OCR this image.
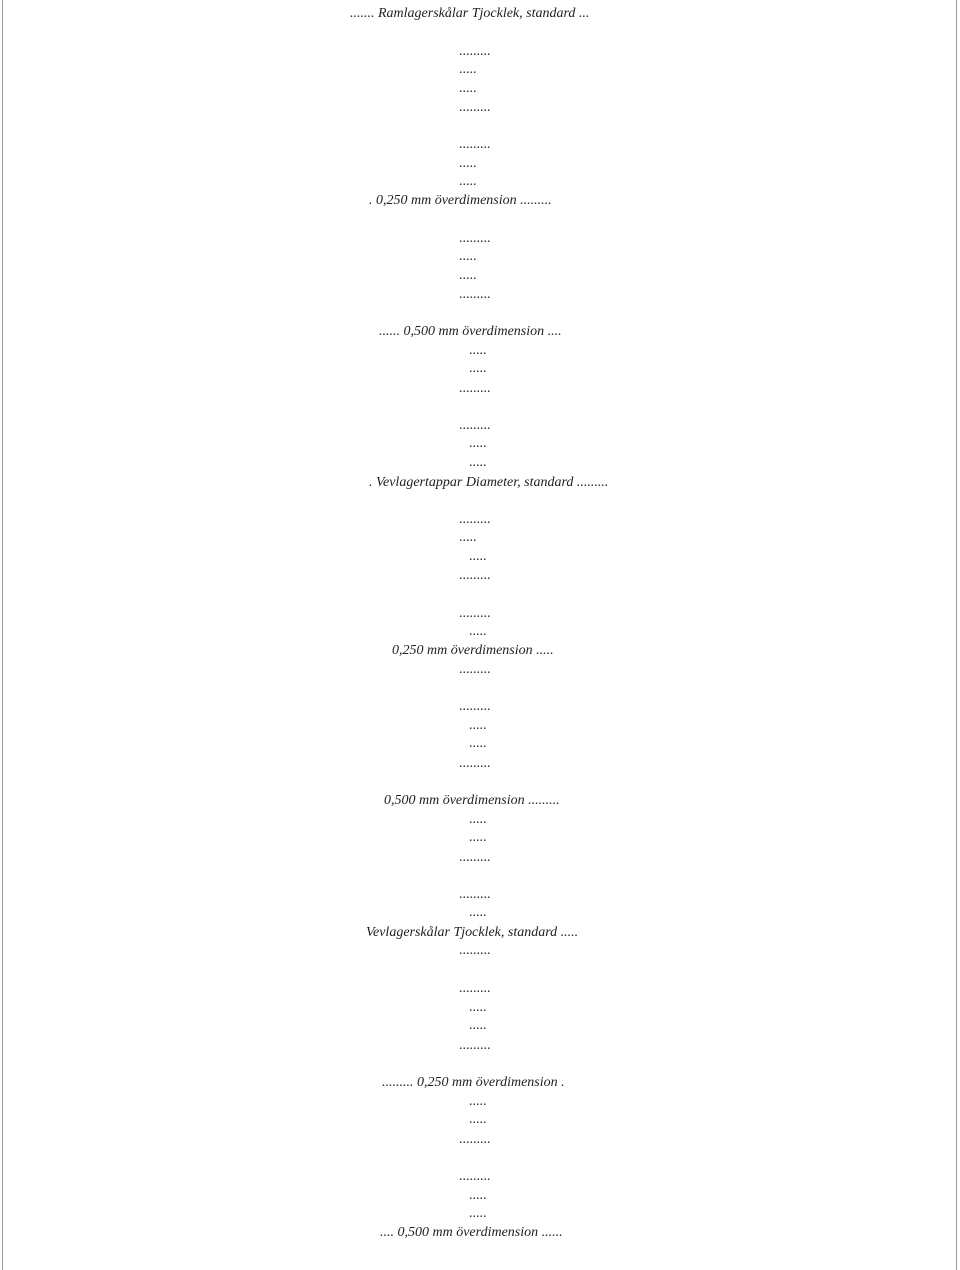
....... Ramlagerskålar Tjocklek, standard ...
.........
.....
.....
.........
.........
.....
.....
. 0,250 mm överdimension .........
.........
.....
.....
.........
...... 0,500 mm överdimension ....
.....
.....
.........
.........
.....
.....
. Vevlagertappar Diameter, standard .........
.........
.....
.....
.........
.........
.....
0,250 mm överdimension .....
.........
.........
.....
.....
.........
0,500 mm överdimension .........
.....
.....
.........
.........
.....
Vevlagerskålar Tjocklek, standard .....
.........
.........
.....
.....
.........
......... 0,250 mm överdimension .
.....
.....
.........
.........
.....
.....
.... 0,500 mm överdimension ......
